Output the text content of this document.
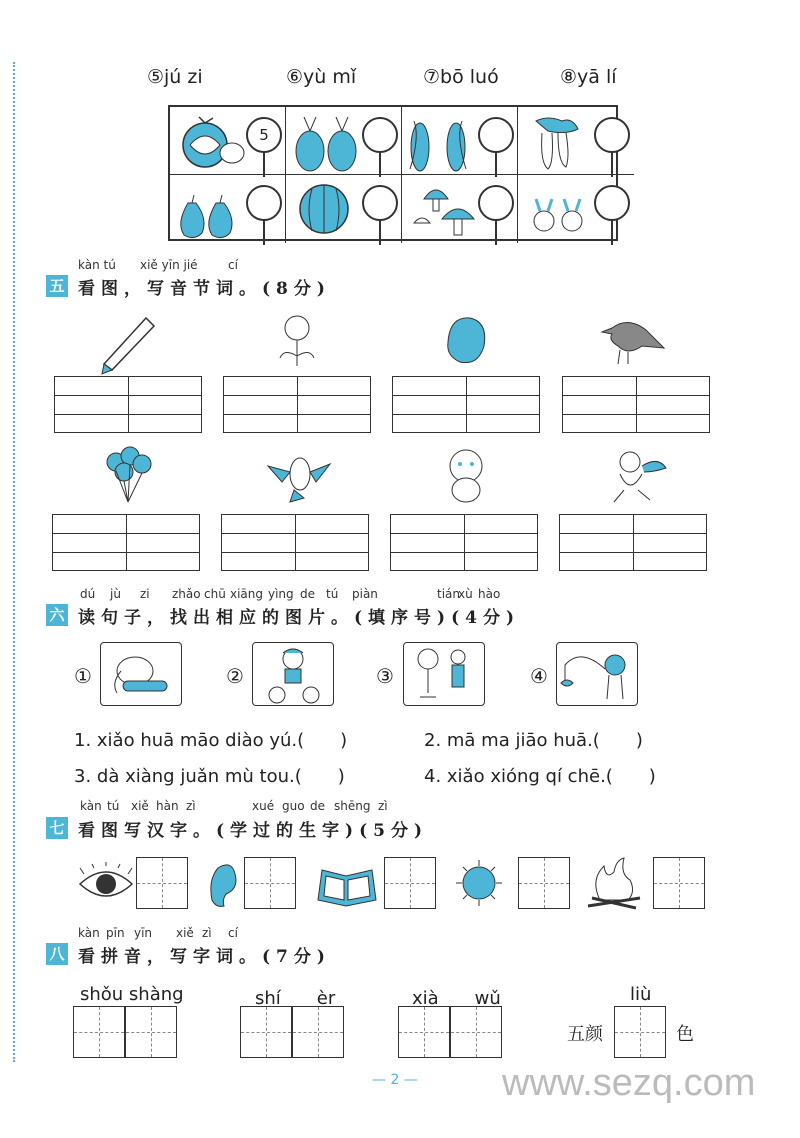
⑤jú zi	⑥yù mǐ	⑦bō luó	⑧yā lí
5
kàn tú xiě yīn jié	cí
五 看图，写音节词。(8分)
dú jù zi zhǎo chū xiāng yìng de tú piàn	tián
xù hào
六 读句子，找出相应的图片。(填序号)(4分)
①	②	③	④
1. xiǎo huā māo diào yú.(　　)	2. mā ma jiāo huā.(　　)
3. dà xiàng juǎn mù tou.(　　)	4. xiǎo xióng qí chē.(　　)
kàn tú xiě hàn zì	xué guo de shēng zì
七 看图写汉字。(学过的生字)(5分)
kàn pīn yīn xiě zì cí
八 看拼音，写字词。(7分)
shǒu shàng	shí　　èr	xià　　wǔ	liù
五颜	色
— 2 — www.sezq.com
